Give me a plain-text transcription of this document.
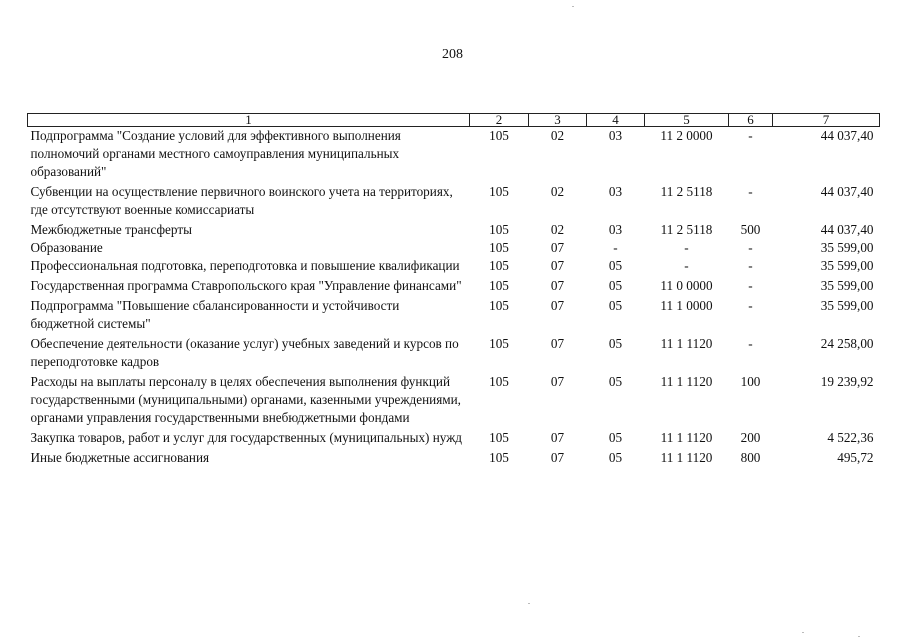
208
1	2	3	4	5	6	7
Подпрограмма "Создание условий для эффективного выполнения полномочий органами местного самоуправления муниципальных образований"	105	02	03	11 2 0000	-	44 037,40
Субвенции на осуществление первичного воинского учета на территориях, где отсутствуют военные комиссариаты	105	02	03	11 2 5118	-	44 037,40
Межбюджетные трансферты	105	02	03	11 2 5118	500	44 037,40
Образование	105	07	-	-	-	35 599,00
Профессиональная подготовка, переподготовка и повышение квалификации	105	07	05	-	-	35 599,00
Государственная программа Ставропольского края "Управление финансами"	105	07	05	11 0 0000	-	35 599,00
Подпрограмма "Повышение сбалансированности и устойчивости бюджетной системы"	105	07	05	11 1 0000	-	35 599,00
Обеспечение деятельности (оказание услуг) учебных заведений и курсов по переподготовке кадров	105	07	05	11 1 1120	-	24 258,00
Расходы на выплаты персоналу в целях обеспечения выполнения функций государственными (муниципальными) органами, казенными учреждениями, органами управления государственными внебюджетными фондами	105	07	05	11 1 1120	100	19 239,92
Закупка товаров, работ и услуг для государственных (муниципальных) нужд	105	07	05	11 1 1120	200	4 522,36
Иные бюджетные ассигнования	105	07	05	11 1 1120	800	495,72
